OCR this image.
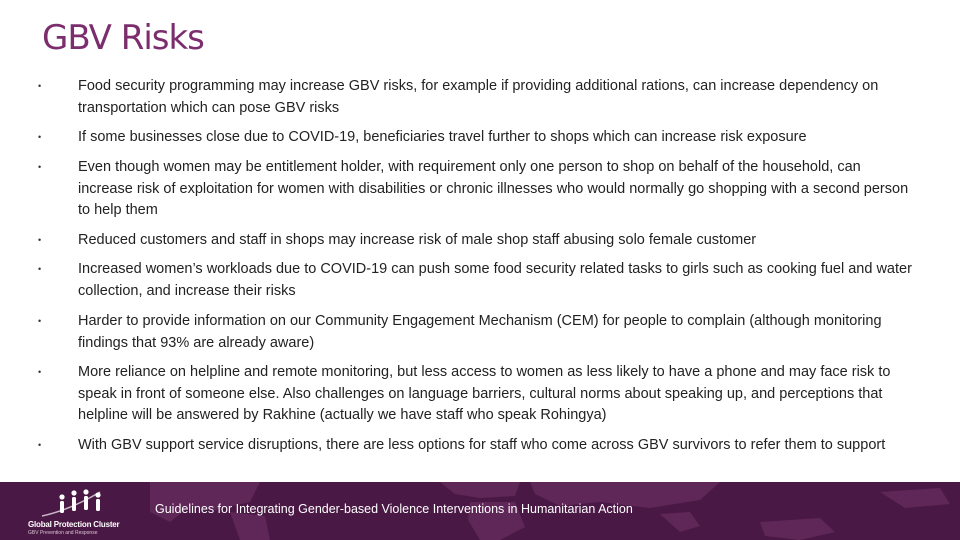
GBV Risks
•	Food security programming may increase GBV risks, for example if providing additional rations, can increase dependency on transportation which can pose GBV risks
•	If some businesses close due to COVID-19, beneficiaries travel further to shops which can increase risk exposure
•	Even though women may be entitlement holder, with requirement only one person to shop on behalf of the household, can increase risk of exploitation for women with disabilities or chronic illnesses who would normally go shopping with a second person to help them
•	Reduced customers and staff in shops may increase risk of male shop staff abusing solo female customer
•	Increased women’s workloads due to COVID-19 can push some food security related tasks to girls such as cooking fuel and water collection, and increase their risks
•	Harder to provide information on our Community Engagement Mechanism (CEM) for people to complain (although monitoring findings that 93% are already aware)
•	More reliance on helpline and remote monitoring, but less access to women as less likely to have a phone and may face risk to speak in front of someone else. Also challenges on language barriers, cultural norms about speaking up, and perceptions that helpline will be answered by Rakhine (actually we have staff who speak Rohingya)
•	With GBV support service disruptions, there are less options for staff who come across GBV survivors to refer them to support
Global Protection Cluster
GBV Prevention and Response
Guidelines for Integrating Gender-based Violence Interventions in Humanitarian Action
